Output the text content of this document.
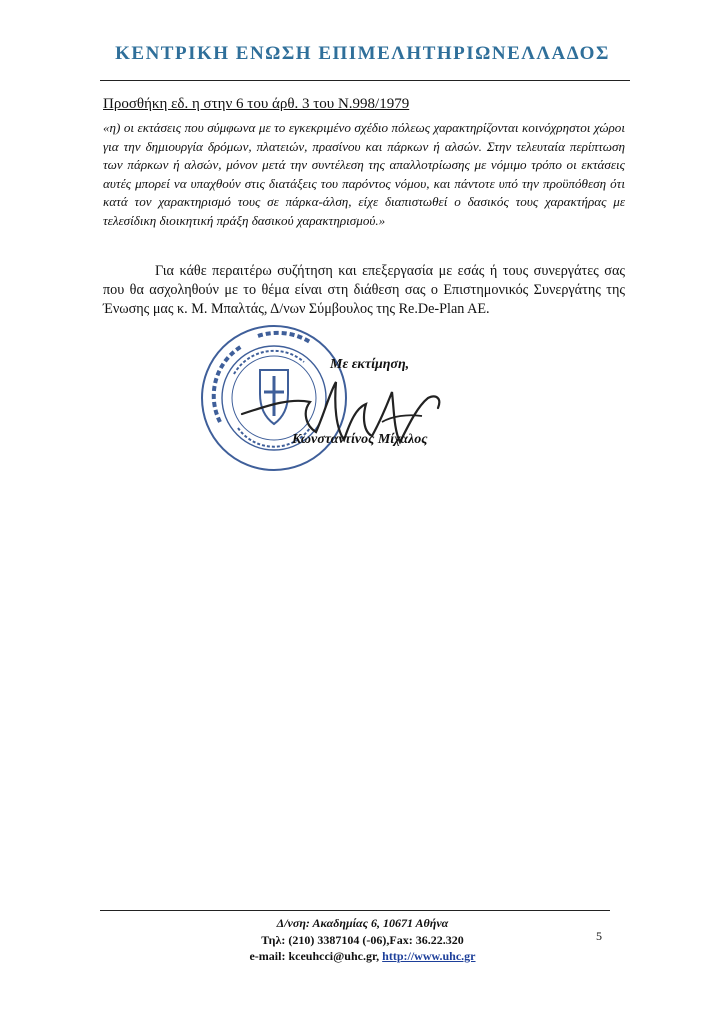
ΚΕΝΤΡΙΚΗ ΕΝΩΣΗ ΕΠΙΜΕΛΗΤΗΡΙΩΝΕΛΛΑΔΟΣ
Προσθήκη εδ. η στην 6 του άρθ. 3 του Ν.998/1979
«η) οι εκτάσεις που σύμφωνα με το εγκεκριμένο σχέδιο πόλεως χαρακτηρίζονται κοινόχρηστοι χώροι για την δημιουργία δρόμων, πλατειών, πρασίνου και πάρκων ή αλσών. Στην τελευταία περίπτωση των πάρκων ή αλσών, μόνον μετά την συντέλεση της απαλλοτρίωσης με νόμιμο τρόπο οι εκτάσεις αυτές μπορεί να υπαχθούν στις διατάξεις του παρόντος νόμου, και πάντοτε υπό την προϋπόθεση ότι κατά τον χαρακτηρισμό τους σε πάρκα-άλση, είχε διαπιστωθεί ο δασικός τους χαρακτήρας με τελεσίδικη διοικητική πράξη δασικού χαρακτηρισμού.»
Για κάθε περαιτέρω συζήτηση και επεξεργασία με εσάς ή τους συνεργάτες σας που θα ασχοληθούν με το θέμα είναι στη διάθεση σας ο Επιστημονικός Συνεργάτης της Ένωσης μας κ. Μ. Μπαλτάς, Δ/νων Σύμβουλος της Re.De-Plan AE.
Με εκτίμηση,
Κωνσταντίνος Μίχαλος
Δ/νση: Ακαδημίας 6, 10671 Αθήνα
Τηλ: (210) 3387104 (-06),Fax: 36.22.320
e-mail: kceuhcci@uhc.gr, http://www.uhc.gr
5
